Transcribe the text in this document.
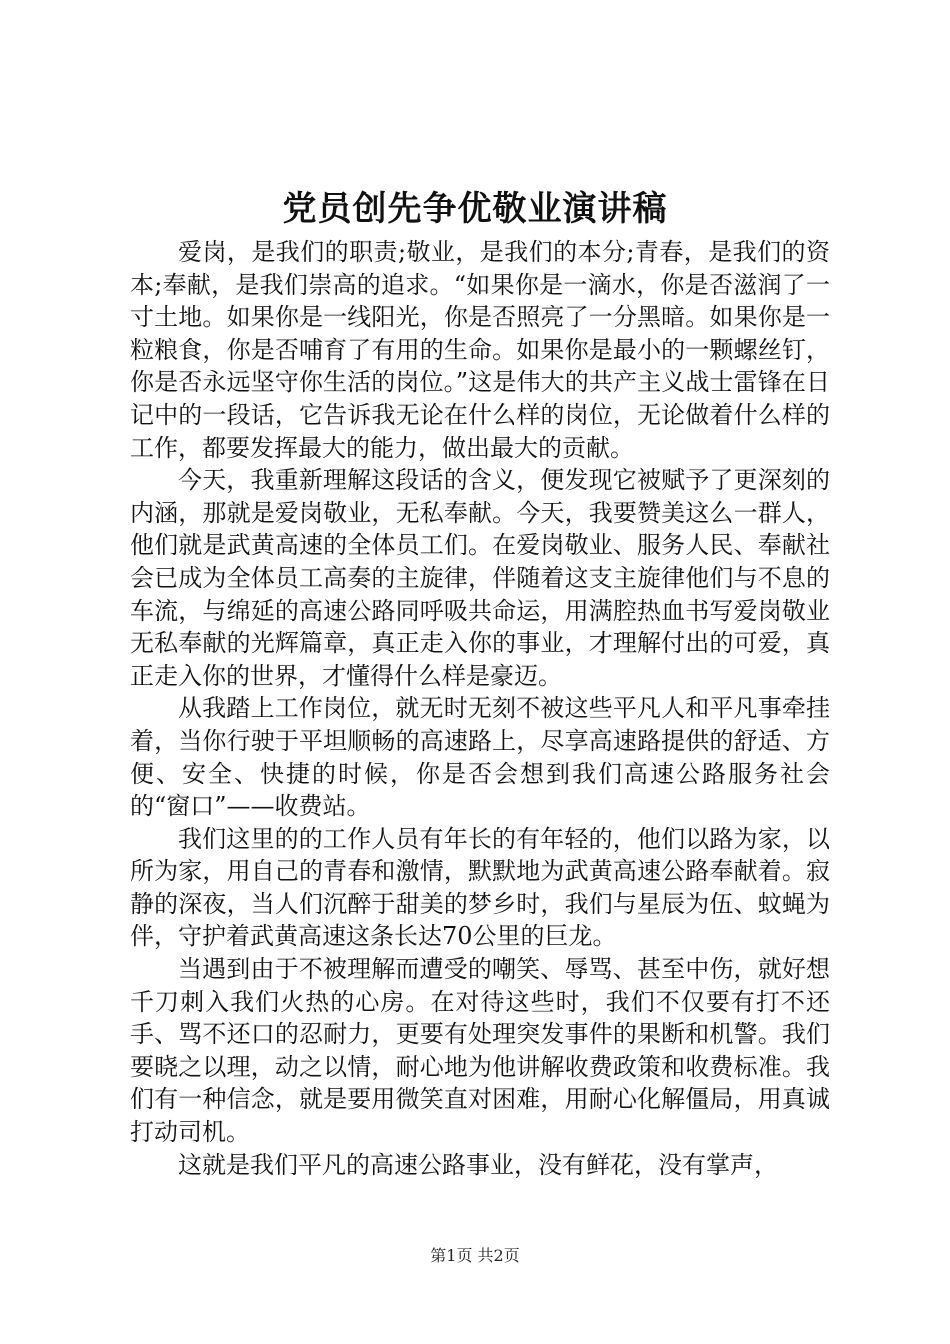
党员创先争优敬业演讲稿

爱岗，是我们的职责;敬业，是我们的本分;青春，是我们的资本;奉献，是我们崇高的追求。“如果你是一滴水，你是否滋润了一寸土地。如果你是一线阳光，你是否照亮了一分黑暗。如果你是一粒粮食，你是否哺育了有用的生命。如果你是最小的一颗螺丝钉，你是否永远坚守你生活的岗位。”这是伟大的共产主义战士雷锋在日记中的一段话，它告诉我无论在什么样的岗位，无论做着什么样的工作，都要发挥最大的能力，做出最大的贡献。

今天，我重新理解这段话的含义，便发现它被赋予了更深刻的内涵，那就是爱岗敬业，无私奉献。今天，我要赞美这么一群人，他们就是武黄高速的全体员工们。在爱岗敬业、服务人民、奉献社会已成为全体员工高奏的主旋律，伴随着这支主旋律他们与不息的车流，与绵延的高速公路同呼吸共命运，用满腔热血书写爱岗敬业无私奉献的光辉篇章，真正走入你的事业，才理解付出的可爱，真正走入你的世界，才懂得什么样是豪迈。

从我踏上工作岗位，就无时无刻不被这些平凡人和平凡事牵挂着，当你行驶于平坦顺畅的高速路上，尽享高速路提供的舒适、方便、安全、快捷的时候，你是否会想到我们高速公路服务社会的“窗口”——收费站。

我们这里的的工作人员有年长的有年轻的，他们以路为家，以所为家，用自己的青春和激情，默默地为武黄高速公路奉献着。寂静的深夜，当人们沉醉于甜美的梦乡时，我们与星辰为伍、蚊蝇为伴，守护着武黄高速这条长达70公里的巨龙。

当遇到由于不被理解而遭受的嘲笑、辱骂、甚至中伤，就好想千刀刺入我们火热的心房。在对待这些时，我们不仅要有打不还手、骂不还口的忍耐力，更要有处理突发事件的果断和机警。我们要晓之以理，动之以情，耐心地为他讲解收费政策和收费标准。我们有一种信念，就是要用微笑直对困难，用耐心化解僵局，用真诚打动司机。

这就是我们平凡的高速公路事业，没有鲜花，没有掌声，

第1页 共2页
